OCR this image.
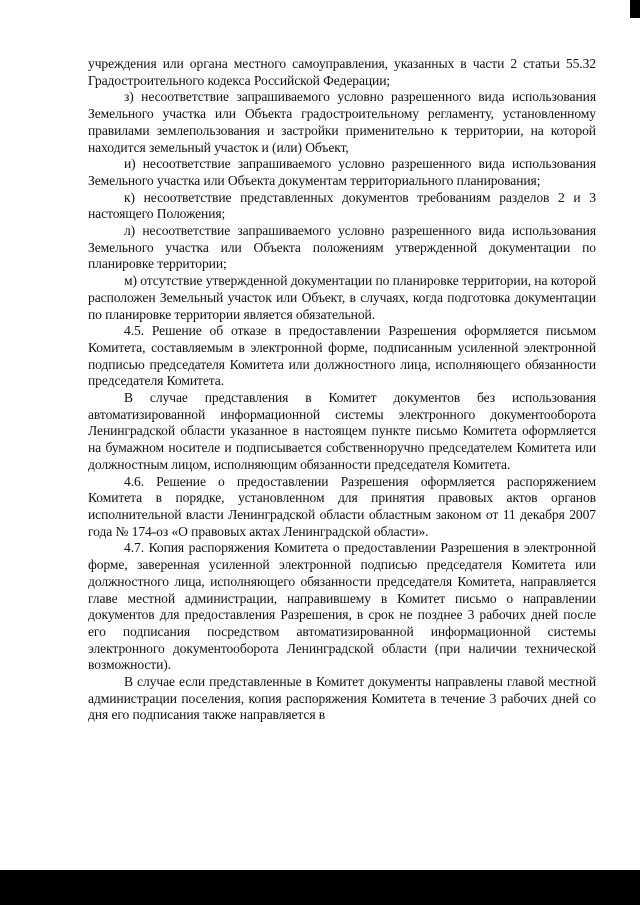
учреждения или органа местного самоуправления, указанных в части 2 статьи 55.32 Градостроительного кодекса Российской Федерации;

з) несоответствие запрашиваемого условно разрешенного вида использования Земельного участка или Объекта градостроительному регламенту, установленному правилами землепользования и застройки применительно к территории, на которой находится земельный участок и (или) Объект,

и) несоответствие запрашиваемого условно разрешенного вида использования Земельного участка или Объекта документам территориального планирования;

к) несоответствие представленных документов требованиям разделов 2 и 3 настоящего Положения;

л) несоответствие запрашиваемого условно разрешенного вида использования Земельного участка или Объекта положениям утвержденной документации по планировке территории;

м) отсутствие утвержденной документации по планировке территории, на которой расположен Земельный участок или Объект, в случаях, когда подготовка документации по планировке территории является обязательной.

4.5. Решение об отказе в предоставлении Разрешения оформляется письмом Комитета, составляемым в электронной форме, подписанным усиленной электронной подписью председателя Комитета или должностного лица, исполняющего обязанности председателя Комитета.

В случае представления в Комитет документов без использования автоматизированной информационной системы электронного документооборота Ленинградской области указанное в настоящем пункте письмо Комитета оформляется на бумажном носителе и подписывается собственноручно председателем Комитета или должностным лицом, исполняющим обязанности председателя Комитета.

4.6. Решение о предоставлении Разрешения оформляется распоряжением Комитета в порядке, установленном для принятия правовых актов органов исполнительной власти Ленинградской области областным законом от 11 декабря 2007 года № 174-оз «О правовых актах Ленинградской области».

4.7. Копия распоряжения Комитета о предоставлении Разрешения в электронной форме, заверенная усиленной электронной подписью председателя Комитета или должностного лица, исполняющего обязанности председателя Комитета, направляется главе местной администрации, направившему в Комитет письмо о направлении документов для предоставления Разрешения, в срок не позднее 3 рабочих дней после его подписания посредством автоматизированной информационной системы электронного документооборота Ленинградской области (при наличии технической возможности).

В случае если представленные в Комитет документы направлены главой местной администрации поселения, копия распоряжения Комитета в течение 3 рабочих дней со дня его подписания также направляется в
